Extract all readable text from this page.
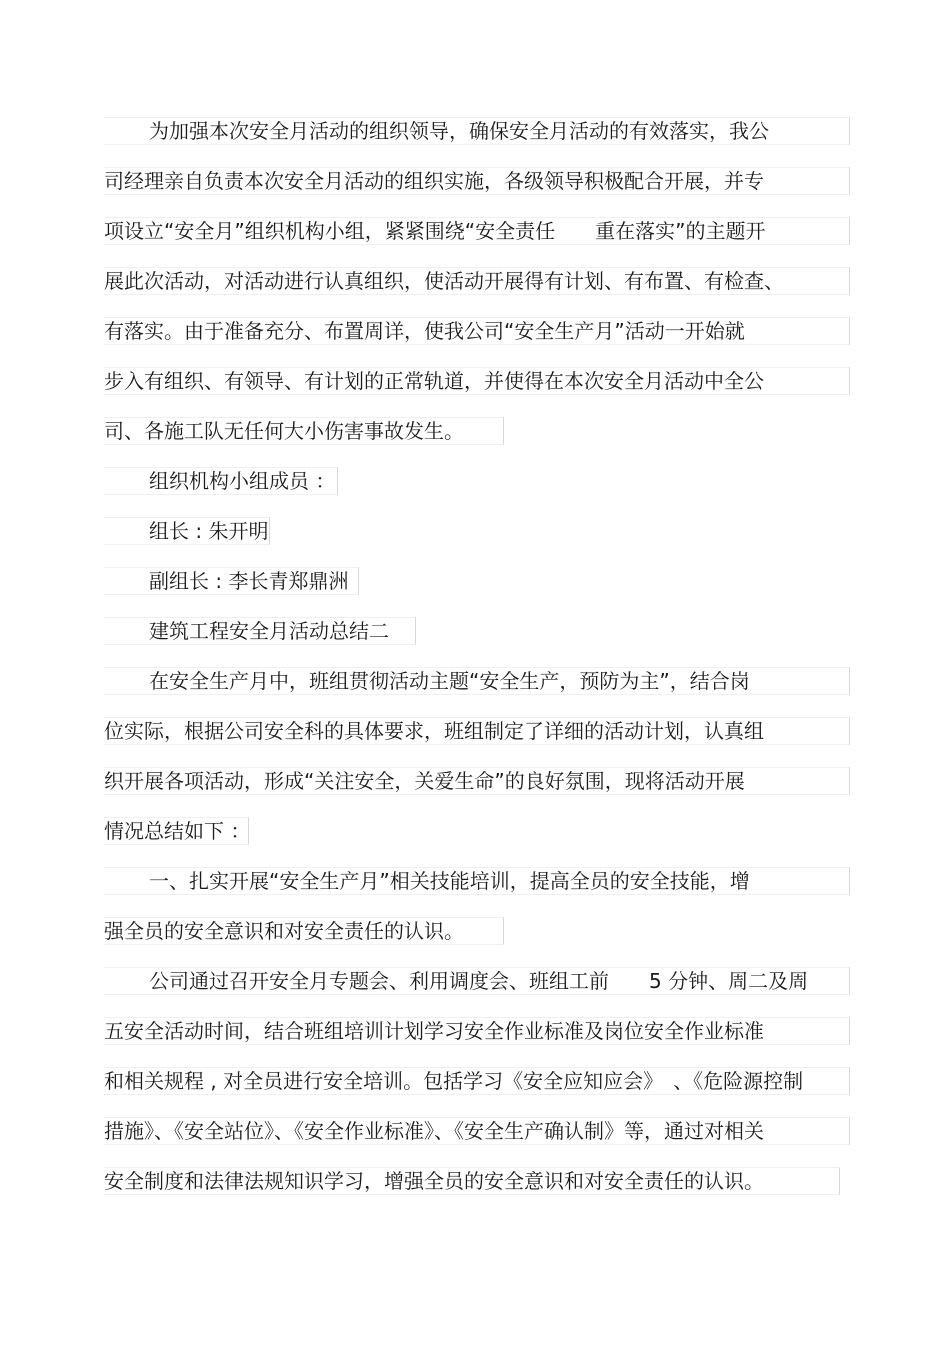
为加强本次安全月活动的组织领导，确保安全月活动的有效落实，我公
司经理亲自负责本次安全月活动的组织实施，各级领导积极配合开展，并专
项设立“安全月”组织机构小组，紧紧围绕“安全责任　　重在落实”的主题开
展此次活动，对活动进行认真组织，使活动开展得有计划、有布置、有检查、
有落实。由于准备充分、布置周详，使我公司“安全生产月”活动一开始就
步入有组织、有领导、有计划的正常轨道，并使得在本次安全月活动中全公
司、各施工队无任何大小伤害事故发生。
组织机构小组成员 ：
组长 : 朱开明
副组长 : 李长青郑鼎洲
建筑工程安全月活动总结二
在安全生产月中，班组贯彻活动主题“安全生产，预防为主”，结合岗
位实际，根据公司安全科的具体要求，班组制定了详细的活动计划，认真组
织开展各项活动，形成“关注安全，关爱生命”的良好氛围，现将活动开展
情况总结如下 ：
一、扎实开展“安全生产月”相关技能培训，提高全员的安全技能，增
强全员的安全意识和对安全责任的认识。
公司通过召开安全月专题会、利用调度会、班组工前　　5 分钟、周二及周
五安全活动时间，结合班组培训计划学习安全作业标准及岗位安全作业标准
和相关规程 , 对全员进行安全培训。包括学习《安全应知应会》　、《危险源控制
措施》、《安全站位》、《安全作业标准》、《安全生产确认制》等，通过对相关
安全制度和法律法规知识学习，增强全员的安全意识和对安全责任的认识。
